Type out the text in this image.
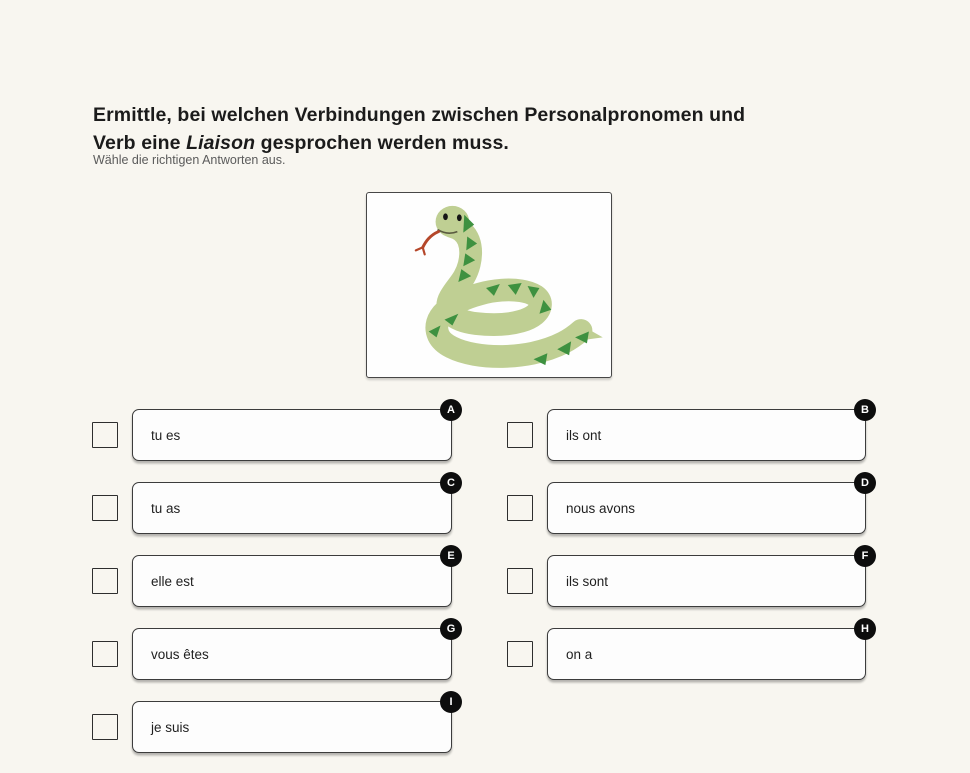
Ermittle, bei welchen Verbindungen zwischen Personalpronomen und
Verb eine Liaison gesprochen werden muss.
Wähle die richtigen Antworten aus.
tu es
A
tu as
C
elle est
E
vous êtes
G
je suis
I
ils ont
B
nous avons
D
ils sont
F
on a
H
